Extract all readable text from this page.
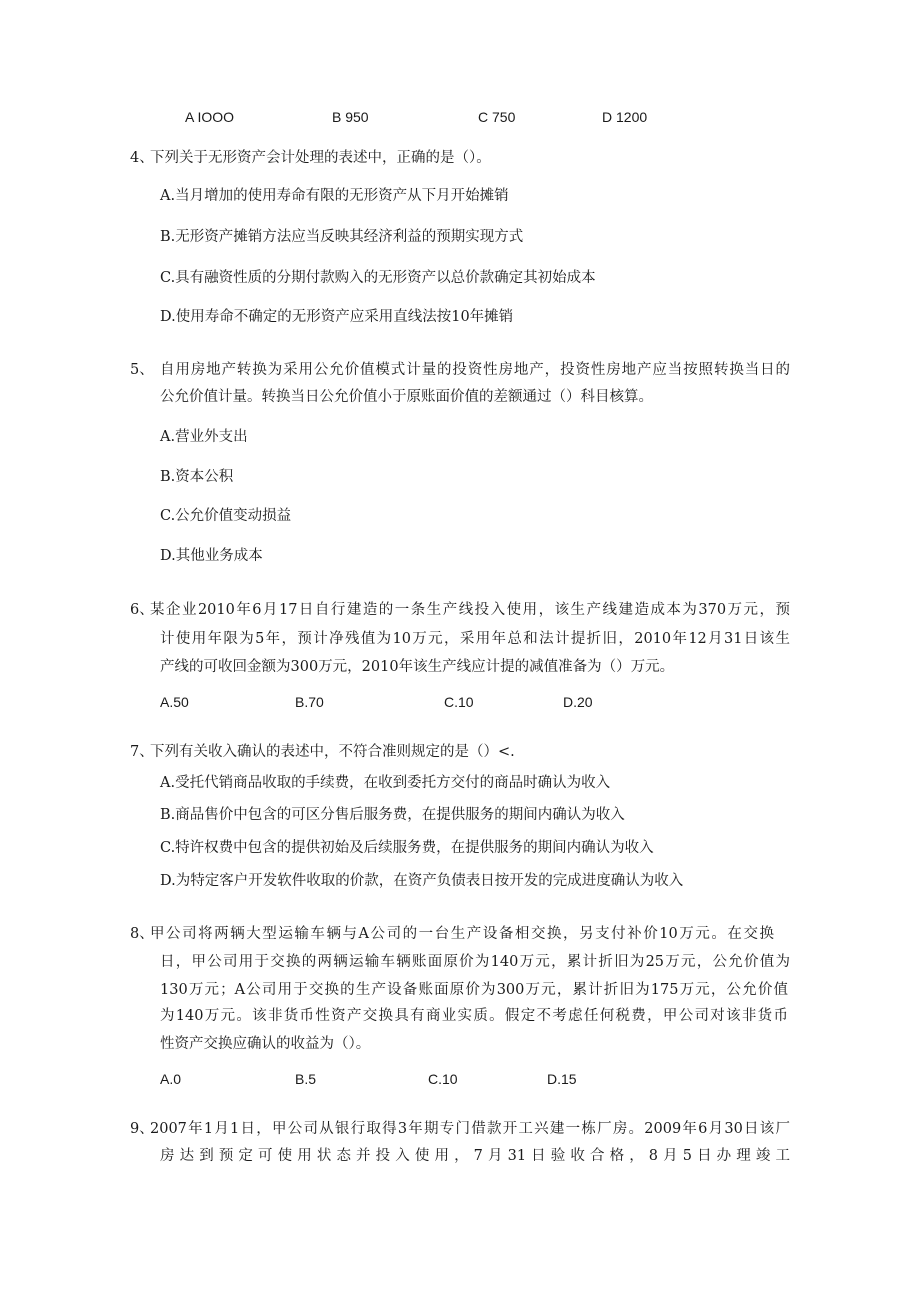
A IOOO	B 950	C 750	D 1200
4、
下列关于无形资产会计处理的表述中，正确的是（）。
A.当月增加的使用寿命有限的无形资产从下月开始摊销
B.无形资产摊销方法应当反映其经济利益的预期实现方式
C.具有融资性质的分期付款购入的无形资产以总价款确定其初始成本
D.使用寿命不确定的无形资产应采用直线法按10年摊销
5、 自用房地产转换为采用公允价值模式计量的投资性房地产，投资性房地产应当按照转换当日的
公允价值计量。转换当日公允价值小于原账面价值的差额通过（）科目核算。
A.营业外支出
B.资本公积
C.公允价值变动损益
D.其他业务成本
6、
某企业2010年6月17日自行建造的一条生产线投入使用，该生产线建造成本为370万元，预
计使用年限为5年，预计净残值为10万元，采用年总和法计提折旧，2010年12月31日该生
产线的可收回金额为300万元，2010年该生产线应计提的减值准备为（）万元。
A.50	B.70	C.10	D.20
7、
下列有关收入确认的表述中，不符合准则规定的是（）<.
A.受托代销商品收取的手续费，在收到委托方交付的商品时确认为收入
B.商品售价中包含的可区分售后服务费，在提供服务的期间内确认为收入
C.特许权费中包含的提供初始及后续服务费，在提供服务的期间内确认为收入
D.为特定客户开发软件收取的价款，在资产负债表日按开发的完成进度确认为收入
8、
甲公司将两辆大型运输车辆与A公司的一台生产设备相交换，另支付补价10万元。在交换
日，甲公司用于交换的两辆运输车辆账面原价为140万元，累计折旧为25万元，公允价值为
130万元；A公司用于交换的生产设备账面原价为300万元，累计折旧为175万元，公允价值
为140万元。该非货币性资产交换具有商业实质。假定不考虑任何税费，甲公司对该非货币
性资产交换应确认的收益为（）。
A.0	B.5	C.10	D.15
9、
2007年1月1日，甲公司从银行取得3年期专门借款开工兴建一栋厂房。2009年6月30日该厂
房达到预定可使用状态并投入使用，7月31日验收合格，8月5日办理竣工
